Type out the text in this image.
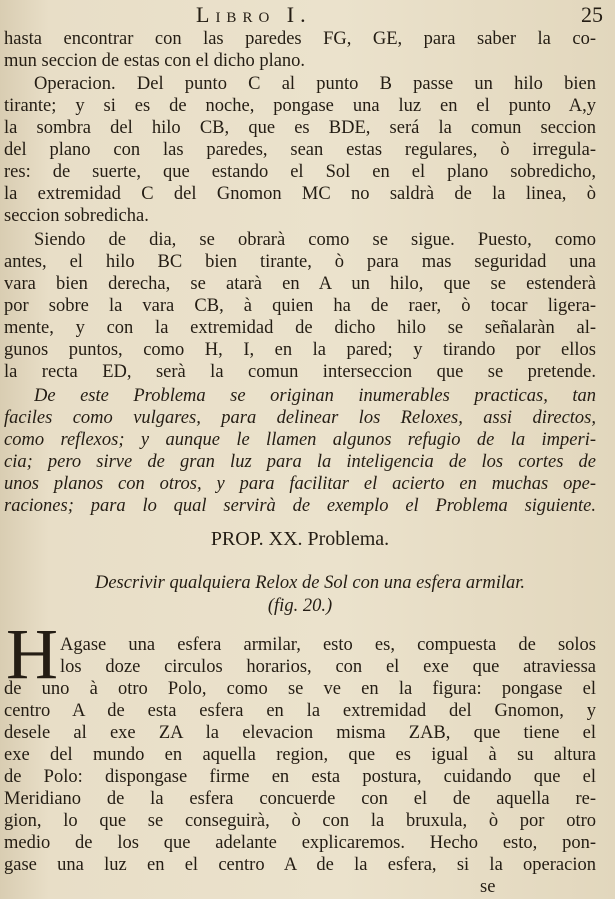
Libro I.	25
hasta encontrar con las paredes FG, GE, para saber la co-
mun seccion de estas con el dicho plano.
Operacion. Del punto C al punto B passe un hilo bien
tirante; y si es de noche, pongase una luz en el punto A,y
la sombra del hilo CB, que es BDE, será la comun seccion
del plano con las paredes, sean estas regulares, ò irregula-
res: de suerte, que estando el Sol en el plano sobredicho,
la extremidad C del Gnomon MC no saldrà de la linea, ò
seccion sobredicha.
Siendo de dia, se obrarà como se sigue. Puesto, como
antes, el hilo BC bien tirante, ò para mas seguridad una
vara bien derecha, se atarà en A un hilo, que se estenderà
por sobre la vara CB, à quien ha de raer, ò tocar ligera-
mente, y con la extremidad de dicho hilo se señalaràn al-
gunos puntos, como H, I, en la pared; y tirando por ellos
la recta ED, serà la comun interseccion que se pretende.
De este Problema se originan inumerables practicas, tan
faciles como vulgares, para delinear los Reloxes, assi directos,
como reflexos; y aunque le llamen algunos refugio de la imperi-
cia; pero sirve de gran luz para la inteligencia de los cortes de
unos planos con otros, y para facilitar el acierto en muchas ope-
raciones; para lo qual servirà de exemplo el Problema siguiente.
PROP. XX. Problema.
Descrivir qualquiera Relox de Sol con una esfera armilar.
(fig. 20.)
H Agase una esfera armilar, esto es, compuesta de solos
los doze circulos horarios, con el exe que atraviessa
de uno à otro Polo, como se ve en la figura: pongase el
centro A de esta esfera en la extremidad del Gnomon, y
desele al exe ZA la elevacion misma ZAB, que tiene el
exe del mundo en aquella region, que es igual à su altura
de Polo: dispongase firme en esta postura, cuidando que el
Meridiano de la esfera concuerde con el de aquella re-
gion, lo que se conseguirà, ò con la bruxula, ò por otro
medio de los que adelante explicaremos. Hecho esto, pon-
gase una luz en el centro A de la esfera, si la operacion
se
